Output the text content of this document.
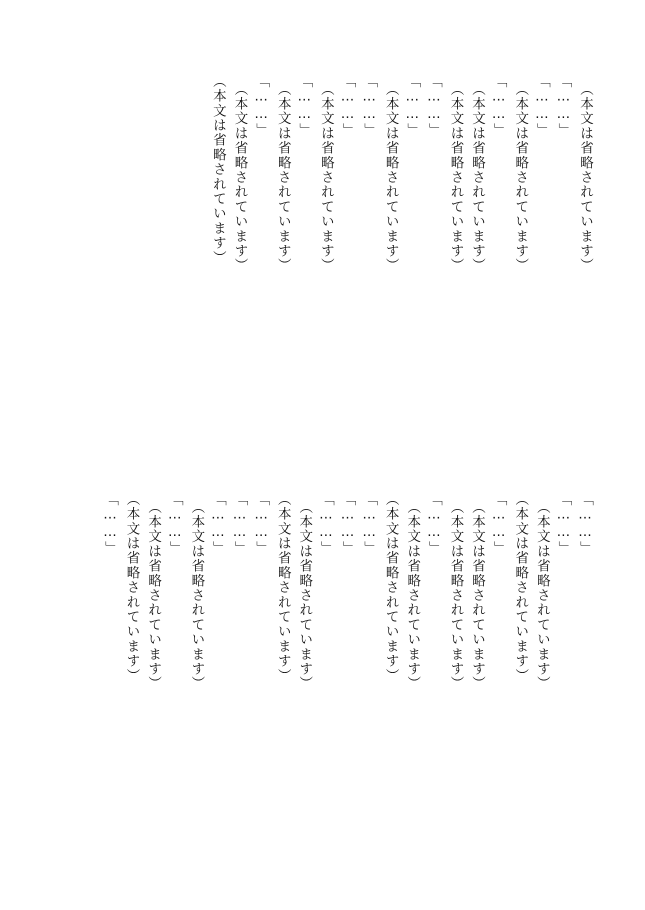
（本文は省略されています）
「……」
「……」
（本文は省略されています）
「……」
（本文は省略されています）
（本文は省略されています）
「……」
「……」
（本文は省略されています）
「……」
「……」
（本文は省略されています）
「……」
（本文は省略されています）
「……」
（本文は省略されています）
（本文は省略されています）
「……」
「……」
（本文は省略されています）
（本文は省略されています）
「……」
（本文は省略されています）
（本文は省略されています）
「……」
（本文は省略されています）
（本文は省略されています）
「……」
「……」
「……」
（本文は省略されています）
（本文は省略されています）
「……」
「……」
「……」
（本文は省略されています）
「……」
（本文は省略されています）
（本文は省略されています）
「……」
